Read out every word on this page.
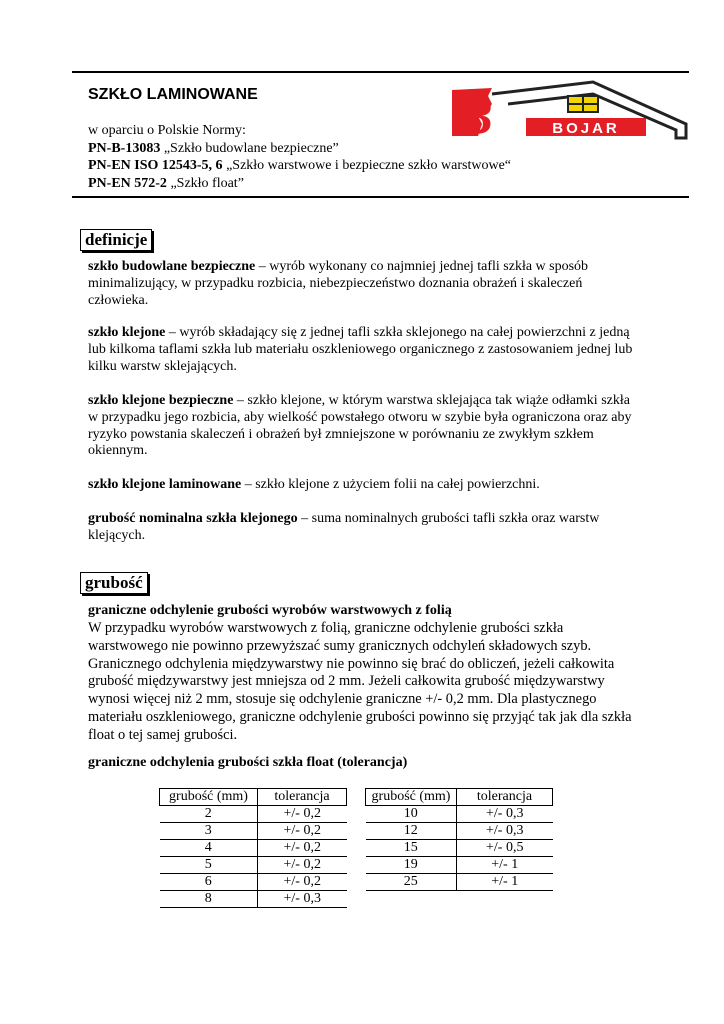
SZKŁO LAMINOWANE	B	BOJAR
w oparciu o Polskie Normy:
PN-B-13083 „Szkło budowlane bezpieczne”
PN-EN ISO 12543-5, 6 „Szkło warstwowe i bezpieczne szkło warstwowe“
PN-EN 572-2 „Szkło float”
definicje
szkło budowlane bezpieczne – wyrób wykonany co najmniej jednej tafli szkła w sposób minimalizujący, w przypadku rozbicia, niebezpieczeństwo doznania obrażeń i skaleczeń człowieka.
szkło klejone – wyrób składający się z jednej tafli szkła sklejonego na całej powierzchni z jedną lub kilkoma taflami szkła lub materiału oszkleniowego organicznego z zastosowaniem jednej lub kilku warstw sklejających.
szkło klejone bezpieczne – szkło klejone, w którym warstwa sklejająca tak wiąże odłamki szkła w przypadku jego rozbicia, aby wielkość powstałego otworu w szybie była ograniczona oraz aby ryzyko powstania skaleczeń i obrażeń był zmniejszone w porównaniu ze zwykłym szkłem okiennym.
szkło klejone laminowane – szkło klejone z użyciem folii na całej powierzchni.
grubość nominalna szkła klejonego – suma nominalnych grubości tafli szkła oraz warstw klejących.
grubość
graniczne odchylenie grubości wyrobów warstwowych z folią
W przypadku wyrobów warstwowych z folią, graniczne odchylenie grubości szkła warstwowego nie powinno przewyższać sumy granicznych odchyleń składowych szyb. Granicznego odchylenia międzywarstwy nie powinno się brać do obliczeń, jeżeli całkowita grubość międzywarstwy jest mniejsza od 2 mm. Jeżeli całkowita grubość międzywarstwy wynosi więcej niż 2 mm, stosuje się odchylenie graniczne +/- 0,2 mm. Dla plastycznego materiału oszkleniowego, graniczne odchylenie grubości powinno się przyjąć tak jak dla szkła float o tej samej grubości.
graniczne odchylenia grubości szkła float (tolerancja)
grubość (mm)	tolerancja
2	+/- 0,2
3	+/- 0,2
4	+/- 0,2
5	+/- 0,2
6	+/- 0,2
8	+/- 0,3
grubość (mm)	tolerancja
10	+/- 0,3
12	+/- 0,3
15	+/- 0,5
19	+/- 1
25	+/- 1
